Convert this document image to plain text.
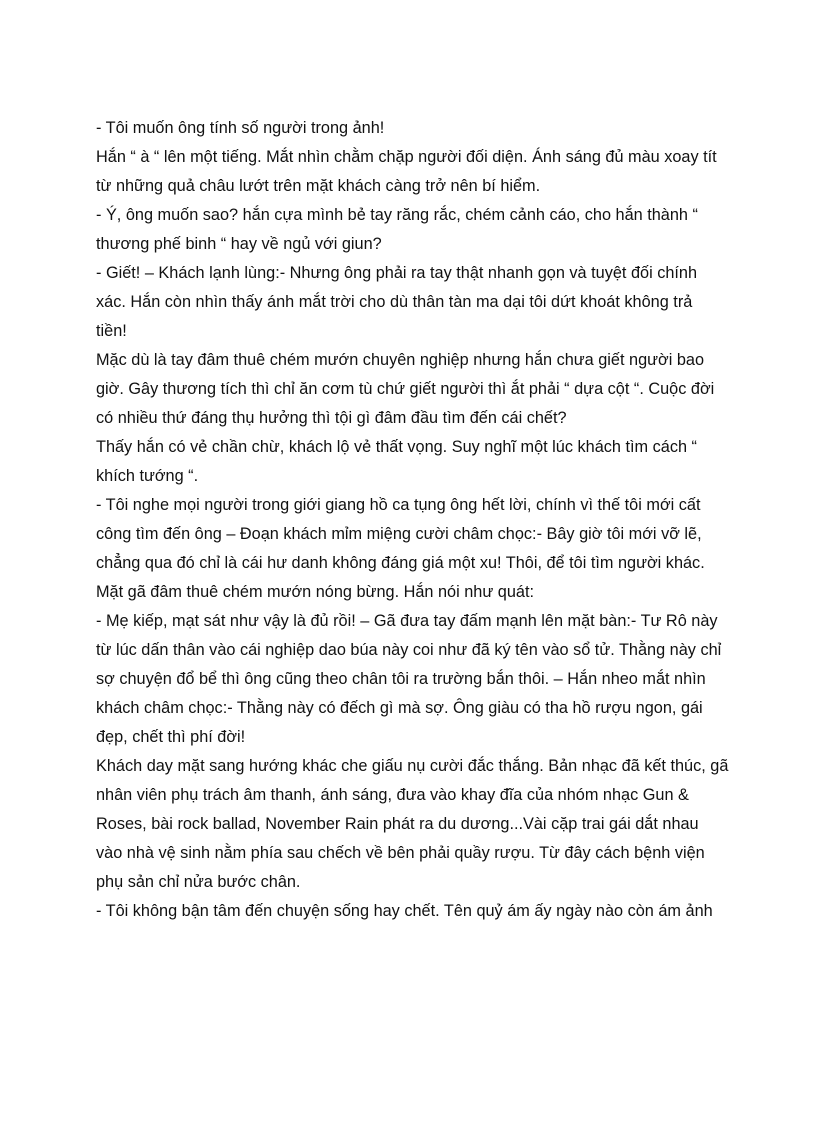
- Tôi muốn ông tính số người trong ảnh!
Hắn “ à “ lên một tiếng. Mắt nhìn chằm chặp người đối diện. Ánh sáng đủ màu xoay tít
từ những quả châu lướt trên mặt khách càng trở nên bí hiểm.
- Ý, ông muốn sao? hắn cựa mình bẻ tay răng rắc, chém cảnh cáo, cho hắn thành “
thương phế binh “ hay về ngủ với giun?
- Giết! – Khách lạnh lùng:- Nhưng ông phải ra tay thật nhanh gọn và tuyệt đối chính
xác. Hắn còn nhìn thấy ánh mắt trời cho dù thân tàn ma dại tôi dứt khoát không trả
tiền!
Mặc dù là tay đâm thuê chém mướn chuyên nghiệp nhưng hắn chưa giết người bao
giờ. Gây thương tích thì chỉ ăn cơm tù chứ giết người thì ắt phải “ dựa cột “. Cuộc đời
có nhiều thứ đáng thụ hưởng thì tội gì đâm đầu tìm đến cái chết?
Thấy hắn có vẻ chần chừ, khách lộ vẻ thất vọng. Suy nghĩ một lúc khách tìm cách “
khích tướng “.
- Tôi nghe mọi người trong giới giang hồ ca tụng ông hết lời, chính vì thế tôi mới cất
công tìm đến ông – Đoạn khách mỉm miệng cười châm chọc:- Bây giờ tôi mới vỡ lẽ,
chẳng qua đó chỉ là cái hư danh không đáng giá một xu! Thôi, để tôi tìm người khác.
Mặt gã đâm thuê chém mướn nóng bừng. Hắn nói như quát:
- Mẹ kiếp, mạt sát như vậy là đủ rồi! – Gã đưa tay đấm mạnh lên mặt bàn:- Tư Rô này
từ lúc dấn thân vào cái nghiệp dao búa này coi như đã ký tên vào sổ tử. Thằng này chỉ
sợ chuyện đổ bể thì ông cũng theo chân tôi ra trường bắn thôi. – Hắn nheo mắt nhìn
khách châm chọc:- Thằng này có đếch gì mà sợ. Ông giàu có tha hồ rượu ngon, gái
đẹp, chết thì phí đời!
Khách day mặt sang hướng khác che giấu nụ cười đắc thắng. Bản nhạc đã kết thúc, gã
nhân viên phụ trách âm thanh, ánh sáng, đưa vào khay đĩa của nhóm nhạc Gun &
Roses, bài rock ballad, November Rain phát ra du dương...Vài cặp trai gái dắt nhau
vào nhà vệ sinh nằm phía sau chếch về bên phải quầy rượu. Từ đây cách bệnh viện
phụ sản chỉ nửa bước chân.
- Tôi không bận tâm đến chuyện sống hay chết. Tên quỷ ám ấy ngày nào còn ám ảnh
